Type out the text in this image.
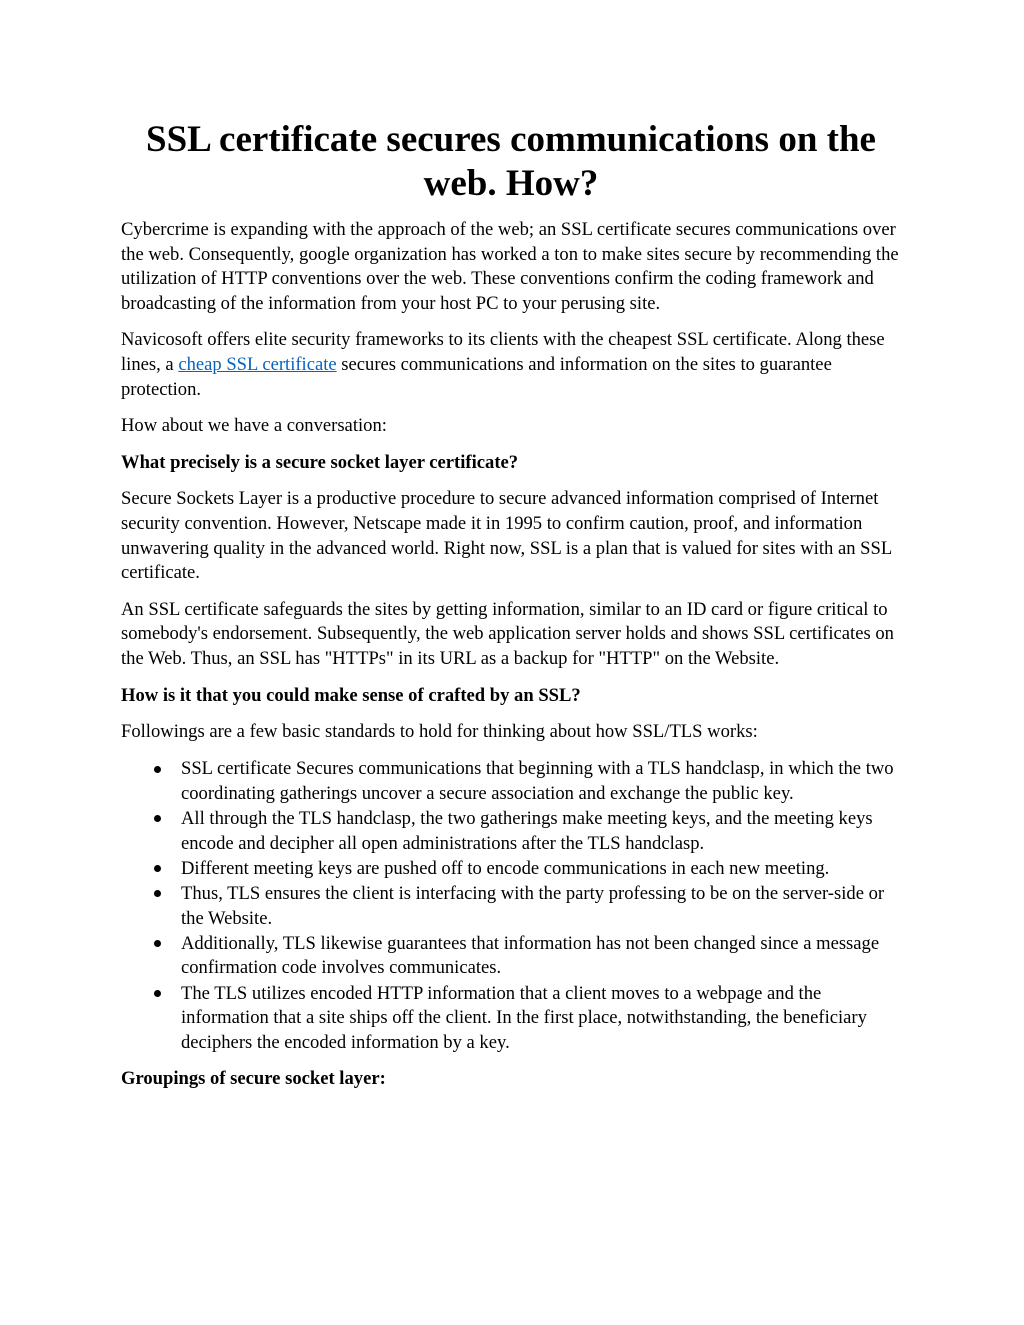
SSL certificate secures communications on the web. How?

Cybercrime is expanding with the approach of the web; an SSL certificate secures communications over the web. Consequently, google organization has worked a ton to make sites secure by recommending the utilization of HTTP conventions over the web. These conventions confirm the coding framework and broadcasting of the information from your host PC to your perusing site.

Navicosoft offers elite security frameworks to its clients with the cheapest SSL certificate. Along these lines, a cheap SSL certificate secures communications and information on the sites to guarantee protection.

How about we have a conversation:

What precisely is a secure socket layer certificate?

Secure Sockets Layer is a productive procedure to secure advanced information comprised of Internet security convention. However, Netscape made it in 1995 to confirm caution, proof, and information unwavering quality in the advanced world. Right now, SSL is a plan that is valued for sites with an SSL certificate.

An SSL certificate safeguards the sites by getting information, similar to an ID card or figure critical to somebody's endorsement. Subsequently, the web application server holds and shows SSL certificates on the Web. Thus, an SSL has "HTTPs" in its URL as a backup for "HTTP" on the Website.

How is it that you could make sense of crafted by an SSL?

Followings are a few basic standards to hold for thinking about how SSL/TLS works:

SSL certificate Secures communications that beginning with a TLS handclasp, in which the two coordinating gatherings uncover a secure association and exchange the public key.
All through the TLS handclasp, the two gatherings make meeting keys, and the meeting keys encode and decipher all open administrations after the TLS handclasp.
Different meeting keys are pushed off to encode communications in each new meeting.
Thus, TLS ensures the client is interfacing with the party professing to be on the server-side or the Website.
Additionally, TLS likewise guarantees that information has not been changed since a message confirmation code involves communicates.
The TLS utilizes encoded HTTP information that a client moves to a webpage and the information that a site ships off the client. In the first place, notwithstanding, the beneficiary deciphers the encoded information by a key.

Groupings of secure socket layer:
